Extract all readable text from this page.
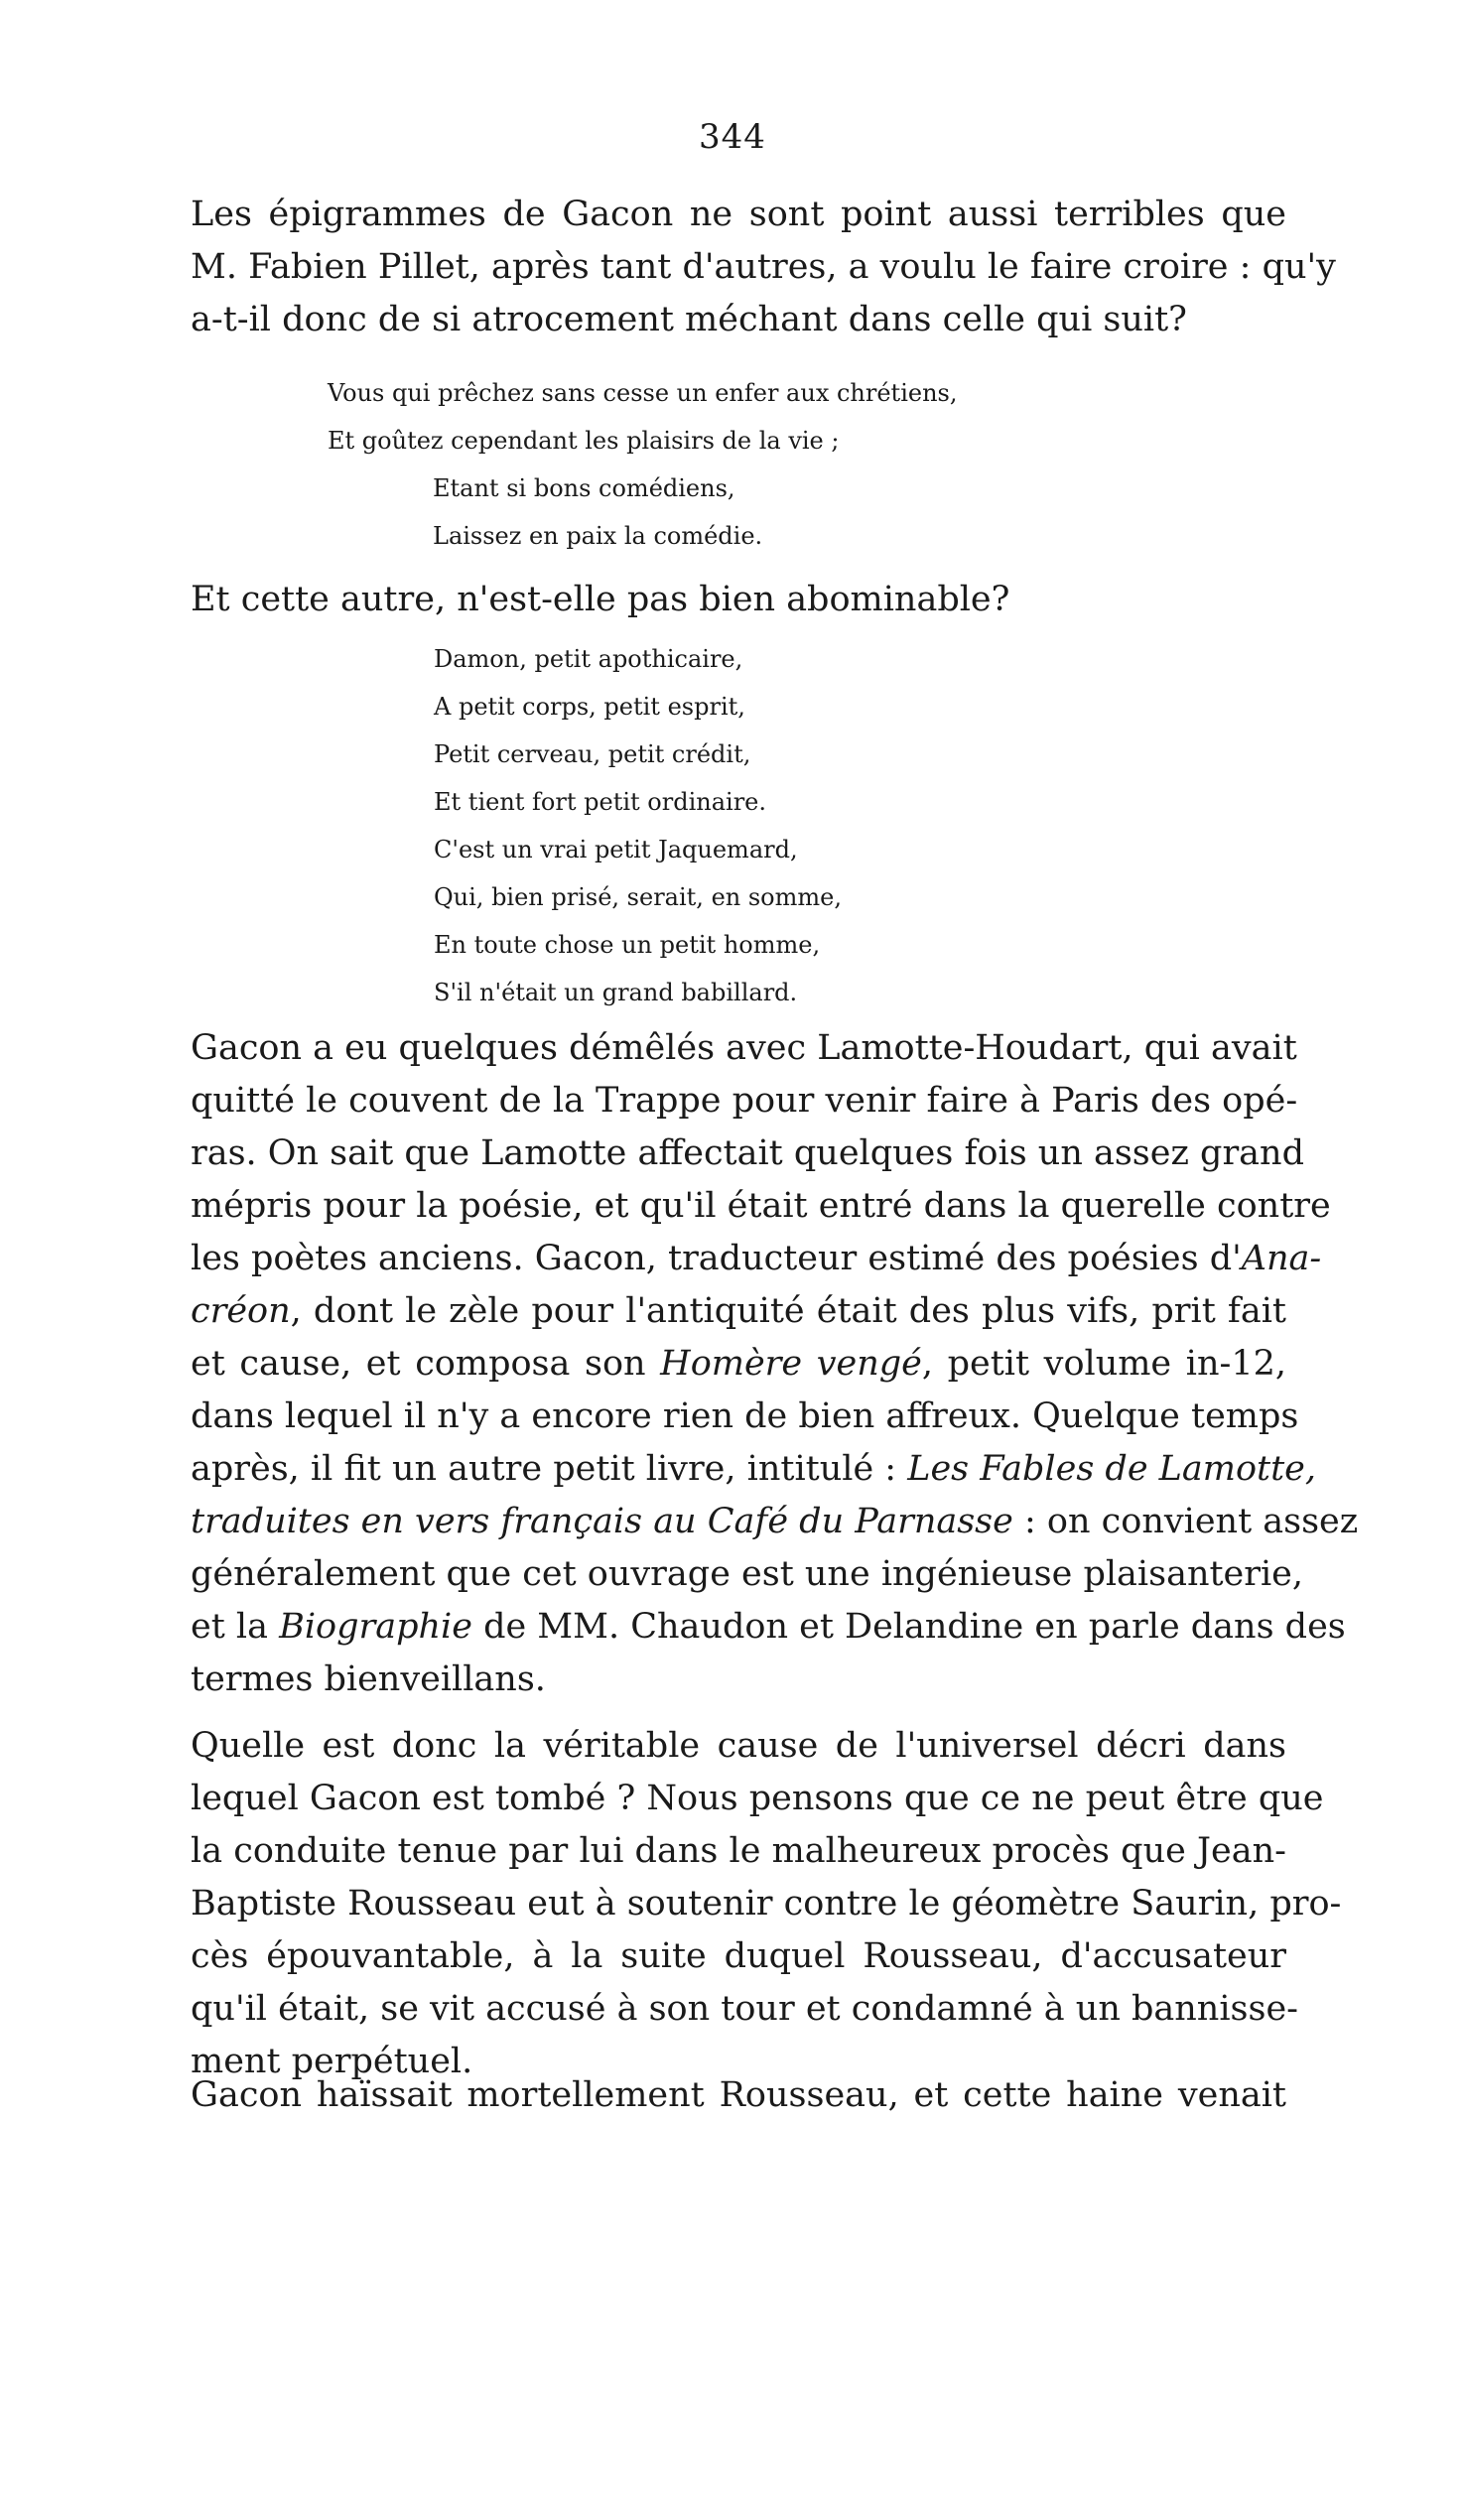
344
Les épigrammes de Gacon ne sont point aussi terribles que
M. Fabien Pillet, après tant d'autres, a voulu le faire croire : qu'y
a-t-il donc de si atrocement méchant dans celle qui suit?
Vous qui prêchez sans cesse un enfer aux chrétiens,
Et goûtez cependant les plaisirs de la vie ;
Etant si bons comédiens,
Laissez en paix la comédie.
Et cette autre, n'est-elle pas bien abominable?
Damon, petit apothicaire,
A petit corps, petit esprit,
Petit cerveau, petit crédit,
Et tient fort petit ordinaire.
C'est un vrai petit Jaquemard,
Qui, bien prisé, serait, en somme,
En toute chose un petit homme,
S'il n'était un grand babillard.
Gacon a eu quelques démêlés avec Lamotte-Houdart, qui avait
quitté le couvent de la Trappe pour venir faire à Paris des opé-
ras. On sait que Lamotte affectait quelques fois un assez grand
mépris pour la poésie, et qu'il était entré dans la querelle contre
les poètes anciens. Gacon, traducteur estimé des poésies d'Ana-
créon, dont le zèle pour l'antiquité était des plus vifs, prit fait
et cause, et composa son Homère vengé, petit volume in-12,
dans lequel il n'y a encore rien de bien affreux. Quelque temps
après, il fit un autre petit livre, intitulé : Les Fables de Lamotte,
traduites en vers français au Café du Parnasse : on convient assez
généralement que cet ouvrage est une ingénieuse plaisanterie,
et la Biographie de MM. Chaudon et Delandine en parle dans des
termes bienveillans.
Quelle est donc la véritable cause de l'universel décri dans
lequel Gacon est tombé ? Nous pensons que ce ne peut être que
la conduite tenue par lui dans le malheureux procès que Jean-
Baptiste Rousseau eut à soutenir contre le géomètre Saurin, pro-
cès épouvantable, à la suite duquel Rousseau, d'accusateur
qu'il était, se vit accusé à son tour et condamné à un bannisse-
ment perpétuel.
Gacon haïssait mortellement Rousseau, et cette haine venait
